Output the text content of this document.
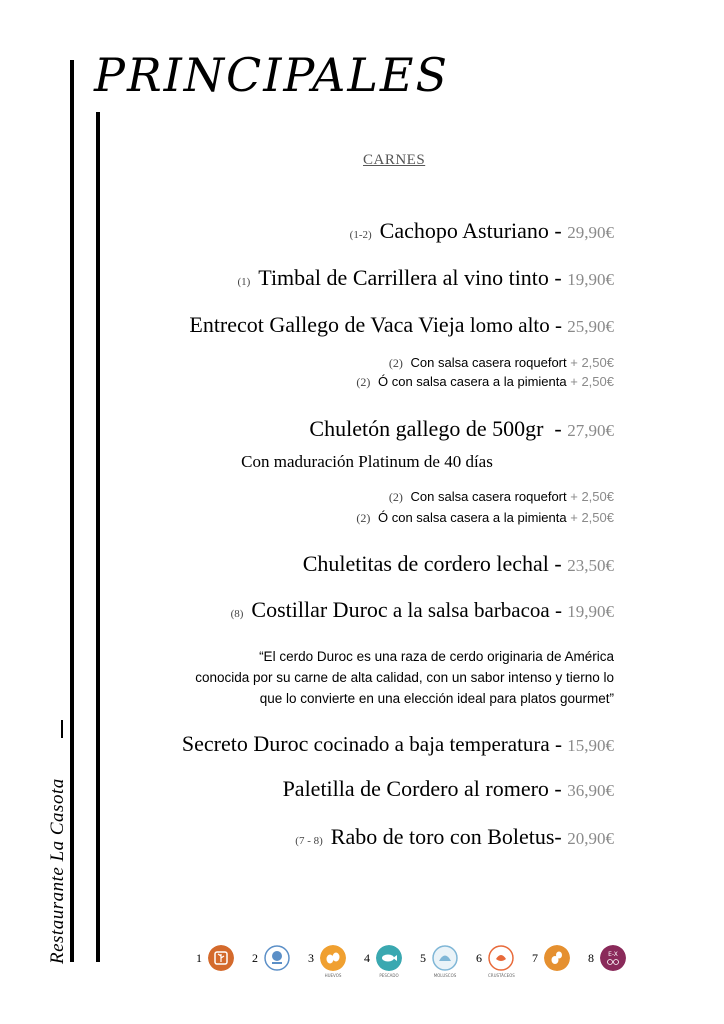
PRINCIPALES
Restaurante La Casota
CARNES
(1-2) Cachopo Asturiano - 29,90€
(1) Timbal de Carrillera al vino tinto - 19,90€
Entrecot Gallego de Vaca Vieja lomo alto - 25,90€
(2) Con salsa casera roquefort + 2,50€
(2) Ó con salsa casera a la pimienta + 2,50€
Chuletón gallego de 500gr  - 27,90€
Con maduración Platinum de 40 días
(2) Con salsa casera roquefort + 2,50€
(2) Ó con salsa casera a la pimienta + 2,50€
Chuletitas de cordero lechal - 23,50€
(8) Costillar Duroc a la salsa barbacoa - 19,90€
“El cerdo Duroc es una raza de cerdo originaria de América
conocida por su carne de alta calidad, con un sabor intenso y tierno lo
que lo convierte en una elección ideal para platos gourmet”
Secreto Duroc cocinado a baja temperatura - 15,90€
Paletilla de Cordero al romero - 36,90€
(7 - 8) Rabo de toro con Boletus- 20,90€
1	2	3
HUEVOS
4
PESCADO
5
MOLUSCOS
6
CRUSTÁCEOS
7	8 E-X
